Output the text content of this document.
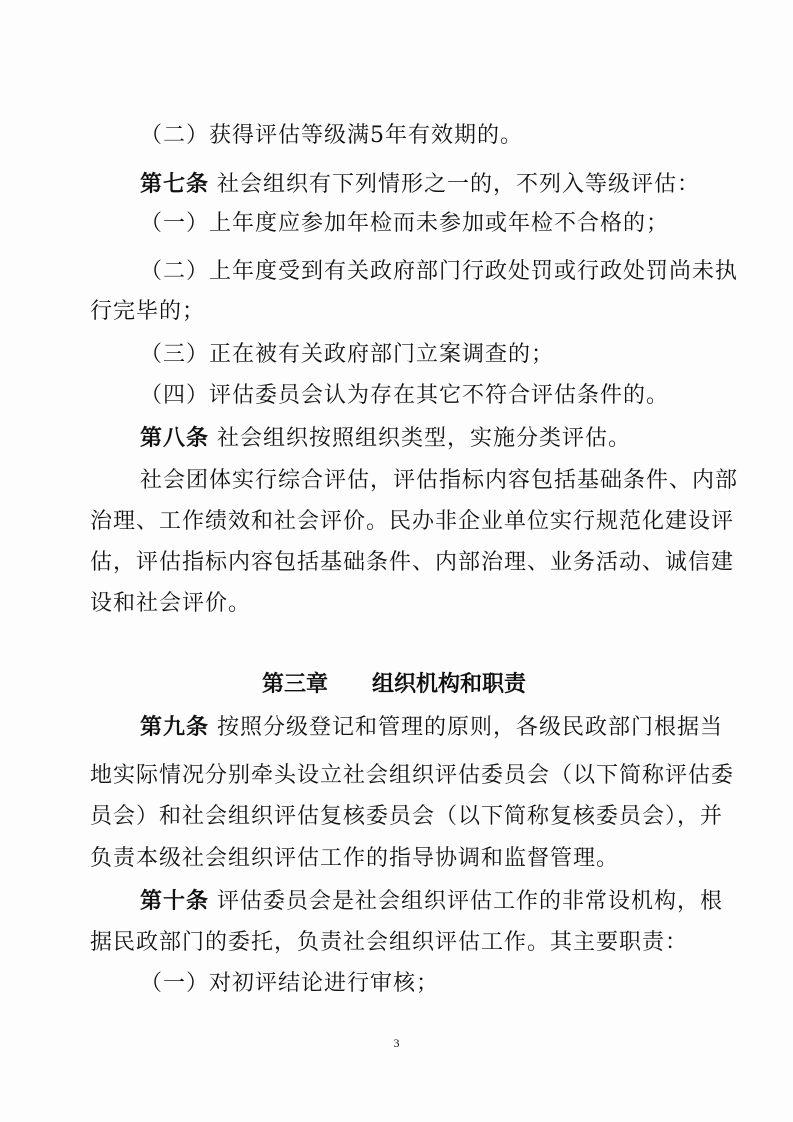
（二）获得评估等级满5年有效期的。
第七条 社会组织有下列情形之一的，不列入等级评估：
（一）上年度应参加年检而未参加或年检不合格的；
（二）上年度受到有关政府部门行政处罚或行政处罚尚未执
行完毕的；
（三）正在被有关政府部门立案调查的；
（四）评估委员会认为存在其它不符合评估条件的。
第八条 社会组织按照组织类型，实施分类评估。
社会团体实行综合评估，评估指标内容包括基础条件、内部
治理、工作绩效和社会评价。民办非企业单位实行规范化建设评
估，评估指标内容包括基础条件、内部治理、业务活动、诚信建
设和社会评价。
第三章 组织机构和职责
第九条 按照分级登记和管理的原则，各级民政部门根据当
地实际情况分别牵头设立社会组织评估委员会（以下简称评估委
员会）和社会组织评估复核委员会（以下简称复核委员会），并
负责本级社会组织评估工作的指导协调和监督管理。
第十条 评估委员会是社会组织评估工作的非常设机构，根
据民政部门的委托，负责社会组织评估工作。其主要职责：
（一）对初评结论进行审核；
3
